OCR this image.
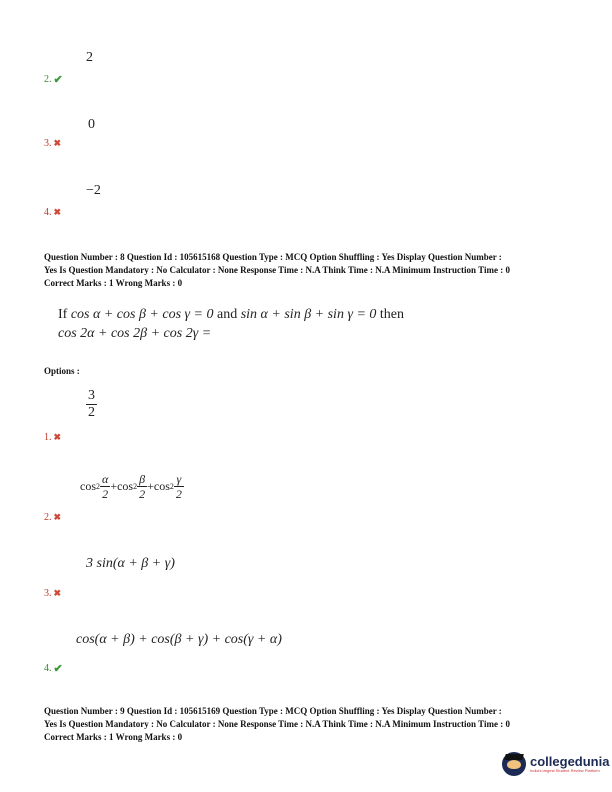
2
2. ✔
0
3. ✖
−2
4. ✖
Question Number : 8 Question Id : 105615168 Question Type : MCQ Option Shuffling : Yes Display Question Number :
Yes Is Question Mandatory : No Calculator : None Response Time : N.A Think Time : N.A Minimum Instruction Time : 0
Correct Marks : 1 Wrong Marks : 0
If cos α + cos β + cos γ = 0 and sin α + sin β + sin γ = 0 then
cos 2α + cos 2β + cos 2γ =
Options :
$\frac{3}{2}$
1. ✖
$\cos 2 \frac{\alpha}{2} + \cos 2 \frac{\beta}{2} + \cos 2 \frac{\gamma}{2}$
2. ✖
3 sin(α + β + γ)
3. ✖
cos(α + β) + cos(β + γ) + cos(γ + α)
4. ✔
Question Number : 9 Question Id : 105615169 Question Type : MCQ Option Shuffling : Yes Display Question Number :
Yes Is Question Mandatory : No Calculator : None Response Time : N.A Think Time : N.A Minimum Instruction Time : 0
Correct Marks : 1 Wrong Marks : 0
collegedunia
India's largest Student Review Platform
